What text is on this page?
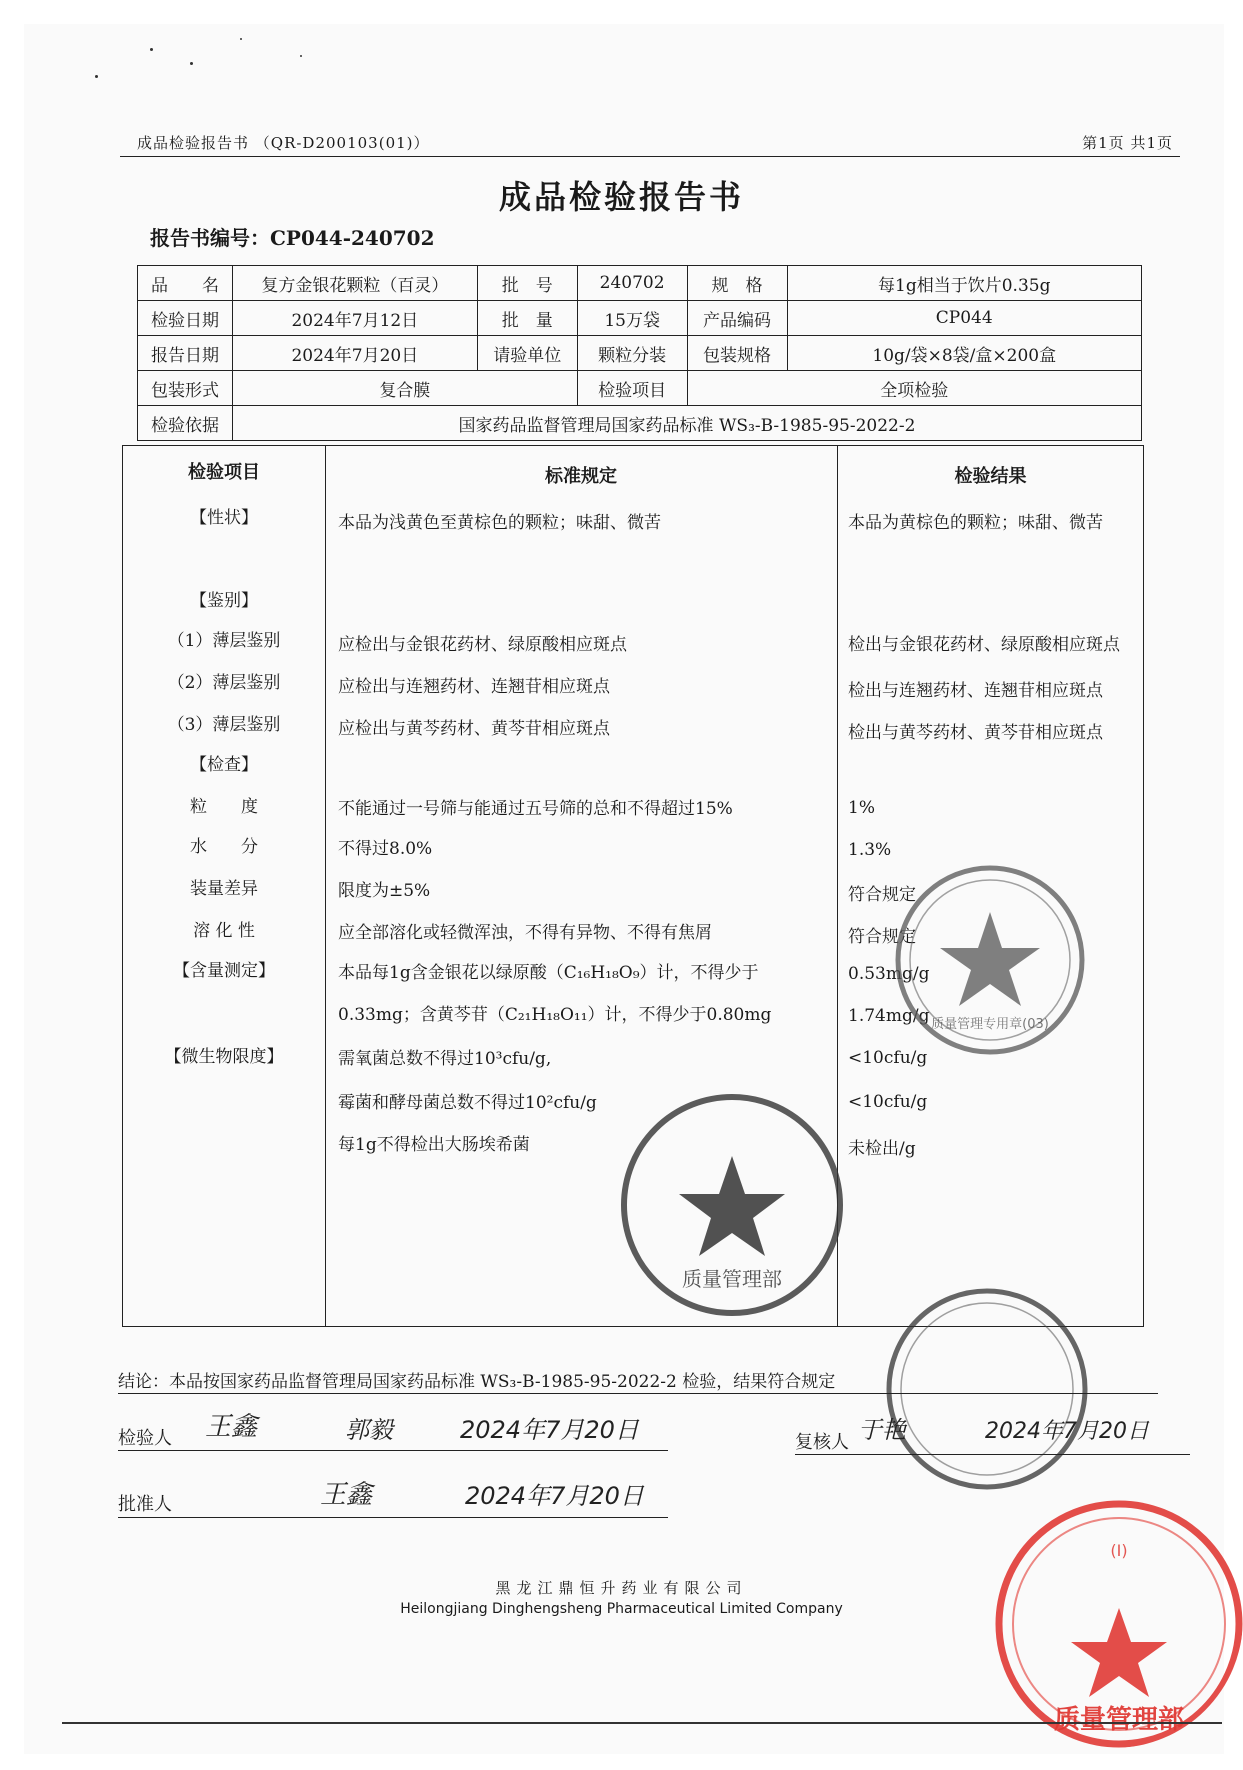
成品检验报告书 （QR-D200103(01)）	第1页 共1页
成品检验报告书
报告书编号：CP044-240702
品　　名	复方金银花颗粒（百灵）	批　号	240702	规　格	每1g相当于饮片0.35g
检验日期	2024年7月12日	批　量	15万袋	产品编码	CP044
报告日期	2024年7月20日	请验单位	颗粒分装	包装规格	10g/袋×8袋/盒×200盒
包装形式	复合膜		检验项目	全项检验	
检验依据	国家药品监督管理局国家药品标准 WS₃-B-1985-95-2022-2				
检验项目	标准规定	检验结果
【性状】	本品为浅黄色至黄棕色的颗粒；味甜、微苦	本品为黄棕色的颗粒；味甜、微苦
【鉴别】
（1）薄层鉴别	应检出与金银花药材、绿原酸相应斑点	检出与金银花药材、绿原酸相应斑点
（2）薄层鉴别	应检出与连翘药材、连翘苷相应斑点	检出与连翘药材、连翘苷相应斑点
（3）薄层鉴别	应检出与黄芩药材、黄芩苷相应斑点	检出与黄芩药材、黄芩苷相应斑点
【检查】
粒　　度	不能通过一号筛与能通过五号筛的总和不得超过15%	1%
水　　分	不得过8.0%	1.3%
装量差异	限度为±5%	符合规定
溶 化 性	应全部溶化或轻微浑浊，不得有异物、不得有焦屑	符合规定
【含量测定】	本品每1g含金银花以绿原酸（C₁₆H₁₈O₉）计，不得少于	0.53mg/g
0.33mg；含黄芩苷（C₂₁H₁₈O₁₁）计，不得少于0.80mg	1.74mg/g
【微生物限度】	需氧菌总数不得过10³cfu/g,	<10cfu/g
霉菌和酵母菌总数不得过10²cfu/g	<10cfu/g
每1g不得检出大肠埃希菌	未检出/g
质量管理专用章(03)
质量管理部
质量管理部
(I)
结论：本品按国家药品监督管理局国家药品标准 WS₃-B-1985-95-2022-2 检验，结果符合规定
检验人 王鑫	郭毅	2024年7月20日	复核人 于艳	2024年7月20日
批准人	王鑫	2024年7月20日
黑龙江鼎恒升药业有限公司
Heilongjiang Dinghengsheng Pharmaceutical Limited Company
